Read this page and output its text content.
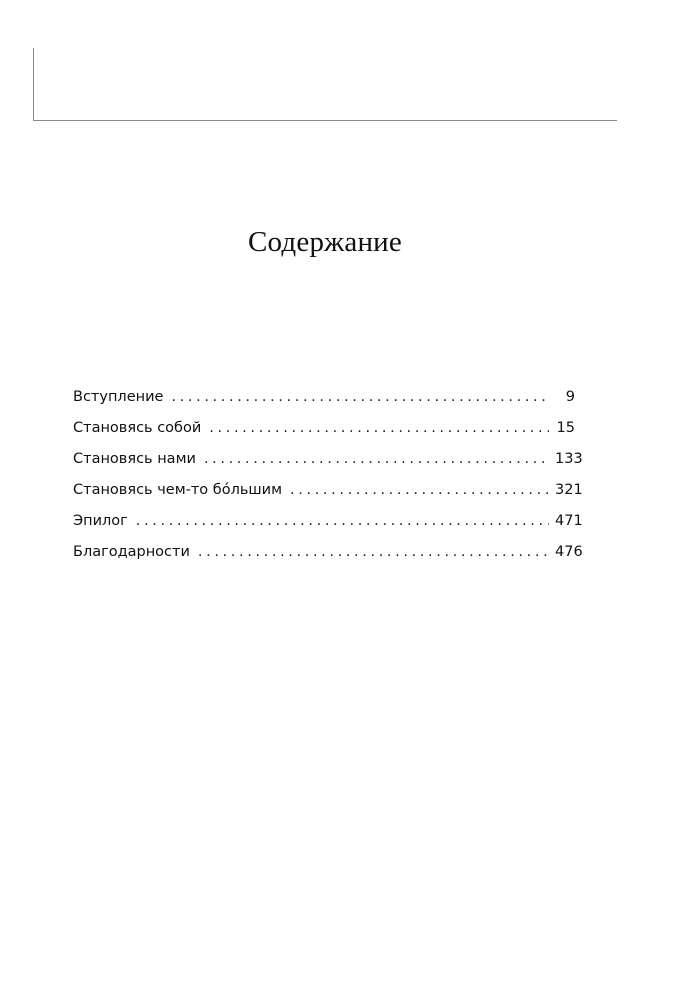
Содержание
Вступление . . .	9
Становясь собой . . .	15
Становясь нами . . .	133
Становясь чем-то бóльшим . . .	321
Эпилог . . .	471
Благодарности . . .	476
